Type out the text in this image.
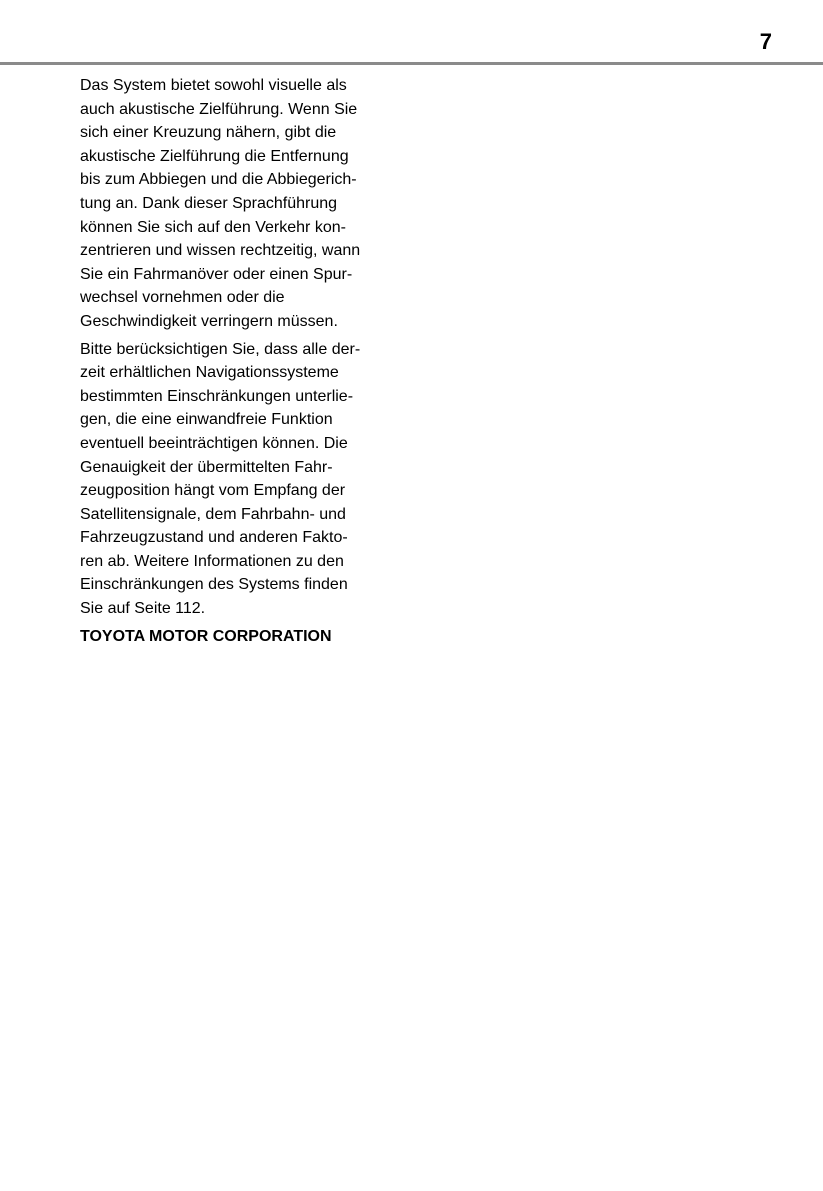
7

Das System bietet sowohl visuelle als

auch akustische Zielführung. Wenn Sie

sich einer Kreuzung nähern, gibt die

akustische Zielführung die Entfernung

bis zum Abbiegen und die Abbiegerich-

tung an. Dank dieser Sprachführung

können Sie sich auf den Verkehr kon-

zentrieren und wissen rechtzeitig, wann

Sie ein Fahrmanöver oder einen Spur-

wechsel vornehmen oder die

Geschwindigkeit verringern müssen.

Bitte berücksichtigen Sie, dass alle der-

zeit erhältlichen Navigationssysteme

bestimmten Einschränkungen unterlie-

gen, die eine einwandfreie Funktion

eventuell beeinträchtigen können. Die

Genauigkeit der übermittelten Fahr-

zeugposition hängt vom Empfang der

Satellitensignale, dem Fahrbahn- und

Fahrzeugzustand und anderen Fakto-

ren ab. Weitere Informationen zu den

Einschränkungen des Systems finden

Sie auf Seite 112.

TOYOTA MOTOR CORPORATION
